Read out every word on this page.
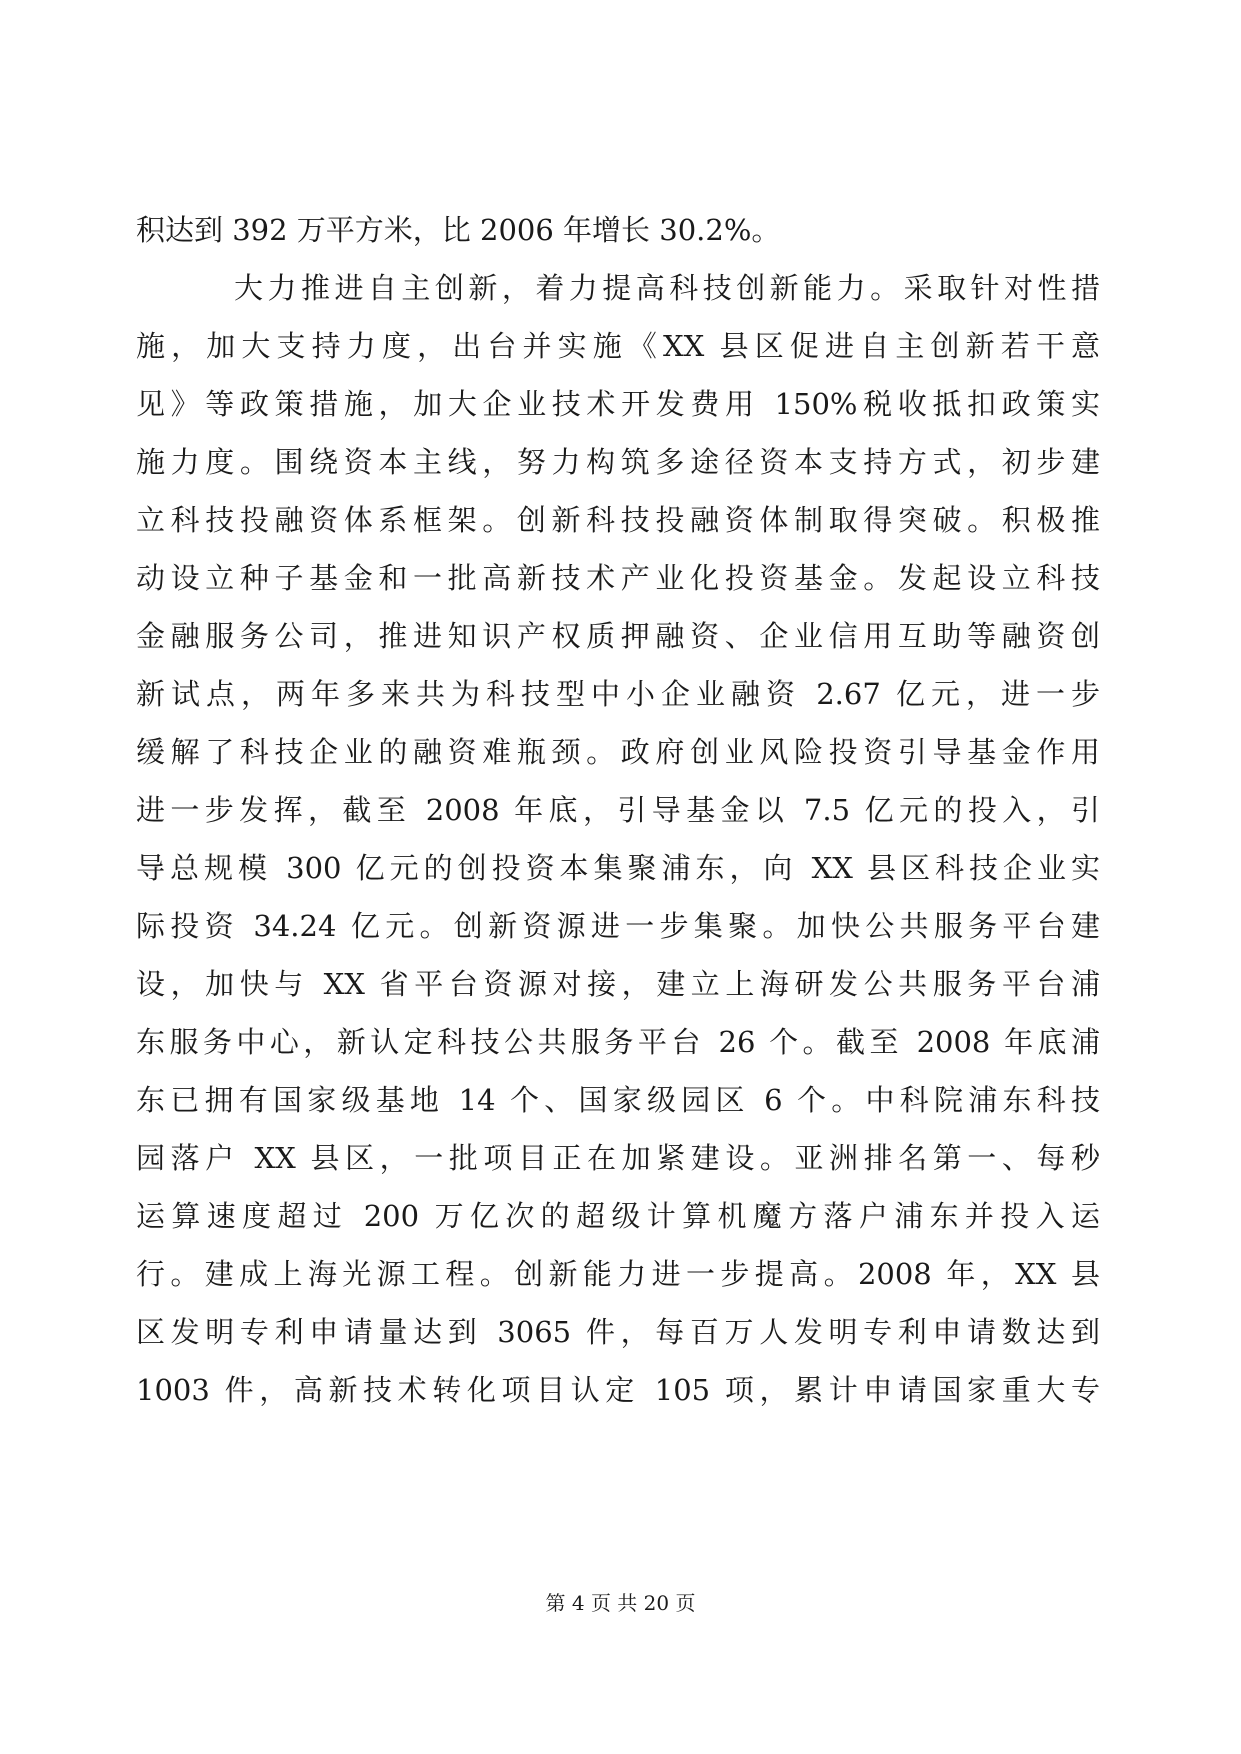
积达到 392 万平方米，比 2006 年增长 30.2%。
大力推进自主创新，着力提高科技创新能力。采取针对性措
施，加大支持力度，出台并实施《XX 县区促进自主创新若干意
见》等政策措施，加大企业技术开发费用 150%税收抵扣政策实
施力度。围绕资本主线，努力构筑多途径资本支持方式，初步建
立科技投融资体系框架。创新科技投融资体制取得突破。积极推
动设立种子基金和一批高新技术产业化投资基金。发起设立科技
金融服务公司，推进知识产权质押融资、企业信用互助等融资创
新试点，两年多来共为科技型中小企业融资 2.67 亿元，进一步
缓解了科技企业的融资难瓶颈。政府创业风险投资引导基金作用
进一步发挥，截至 2008 年底，引导基金以 7.5 亿元的投入，引
导总规模 300 亿元的创投资本集聚浦东，向 XX 县区科技企业实
际投资 34.24 亿元。创新资源进一步集聚。加快公共服务平台建
设，加快与 XX 省平台资源对接，建立上海研发公共服务平台浦
东服务中心，新认定科技公共服务平台 26 个。截至 2008 年底浦
东已拥有国家级基地 14 个、国家级园区 6 个。中科院浦东科技
园落户 XX 县区，一批项目正在加紧建设。亚洲排名第一、每秒
运算速度超过 200 万亿次的超级计算机魔方落户浦东并投入运
行。建成上海光源工程。创新能力进一步提高。2008 年，XX 县
区发明专利申请量达到 3065 件，每百万人发明专利申请数达到
1003 件，高新技术转化项目认定 105 项，累计申请国家重大专
第 4 页 共 20 页
